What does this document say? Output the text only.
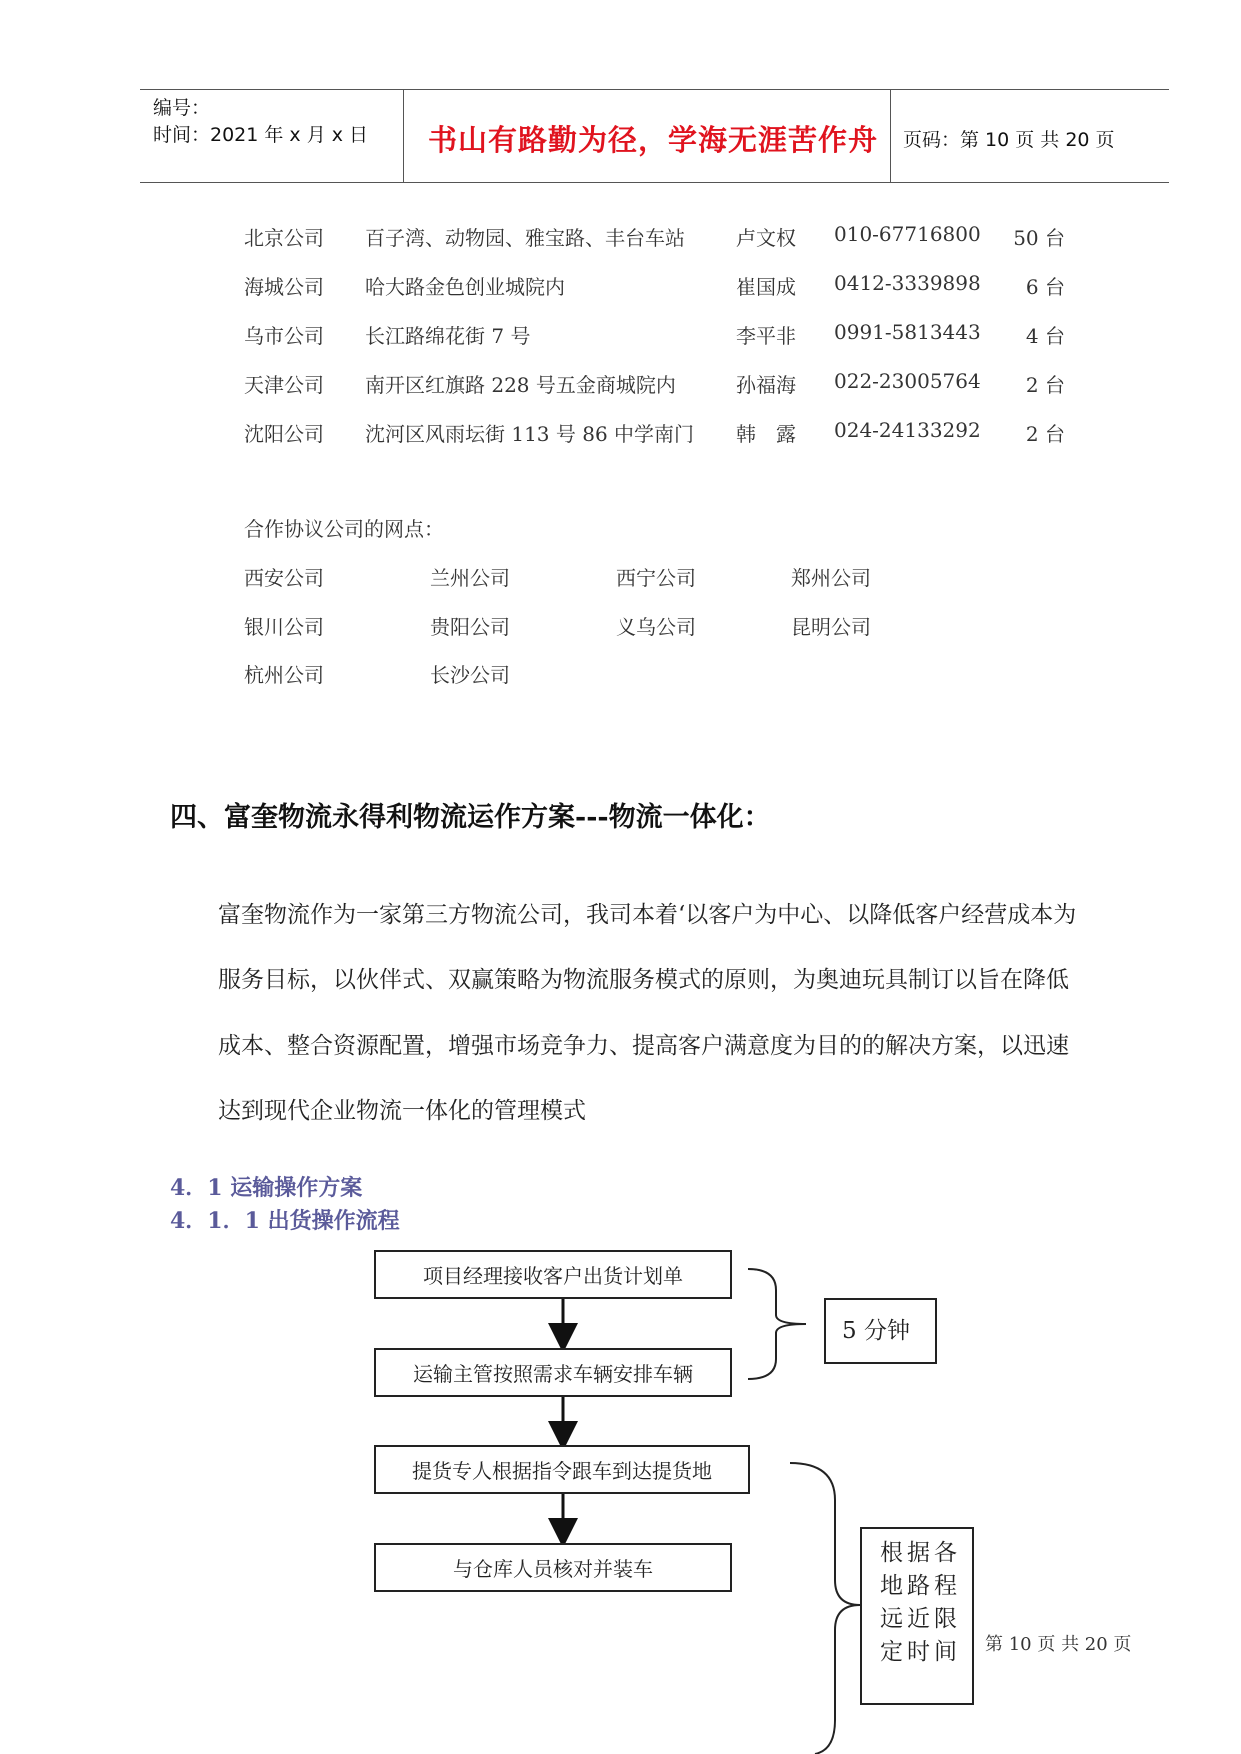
编号：
时间：2021 年 x 月 x 日 书山有路勤为径，学海无涯苦作舟 页码：第 10 页 共 20 页
北京公司 百子湾、动物园、雅宝路、丰台车站	卢文权 010-67716800	50 台
海城公司 哈大路金色创业城院内	崔国成 0412-3339898	6 台
乌市公司 长江路绵花街 7 号	李平非 0991-5813443	4 台
天津公司 南开区红旗路 228 号五金商城院内	孙福海 022-23005764	2 台
沈阳公司 沈河区风雨坛街 113 号 86 中学南门 韩　露 024-24133292	2 台
合作协议公司的网点：
西安公司	兰州公司	西宁公司	郑州公司
银川公司	贵阳公司	义乌公司	昆明公司
杭州公司	长沙公司
四、富奎物流永得利物流运作方案---物流一体化：
富奎物流作为一家第三方物流公司，我司本着‘以客户为中心、以降低客户经营成本为
服务目标，以伙伴式、双赢策略为物流服务模式的原则，为奥迪玩具制订以旨在降低
成本、整合资源配置，增强市场竞争力、提高客户满意度为目的的解决方案，以迅速
达到现代企业物流一体化的管理模式
4．1 运输操作方案
4．1．1 出货操作流程
项目经理接收客户出货计划单
运输主管按照需求车辆安排车辆
提货专人根据指令跟车到达提货地
与仓库人员核对并装车
5 分钟
根据各
地路程
远近限
定时间	第 10 页 共 20 页
